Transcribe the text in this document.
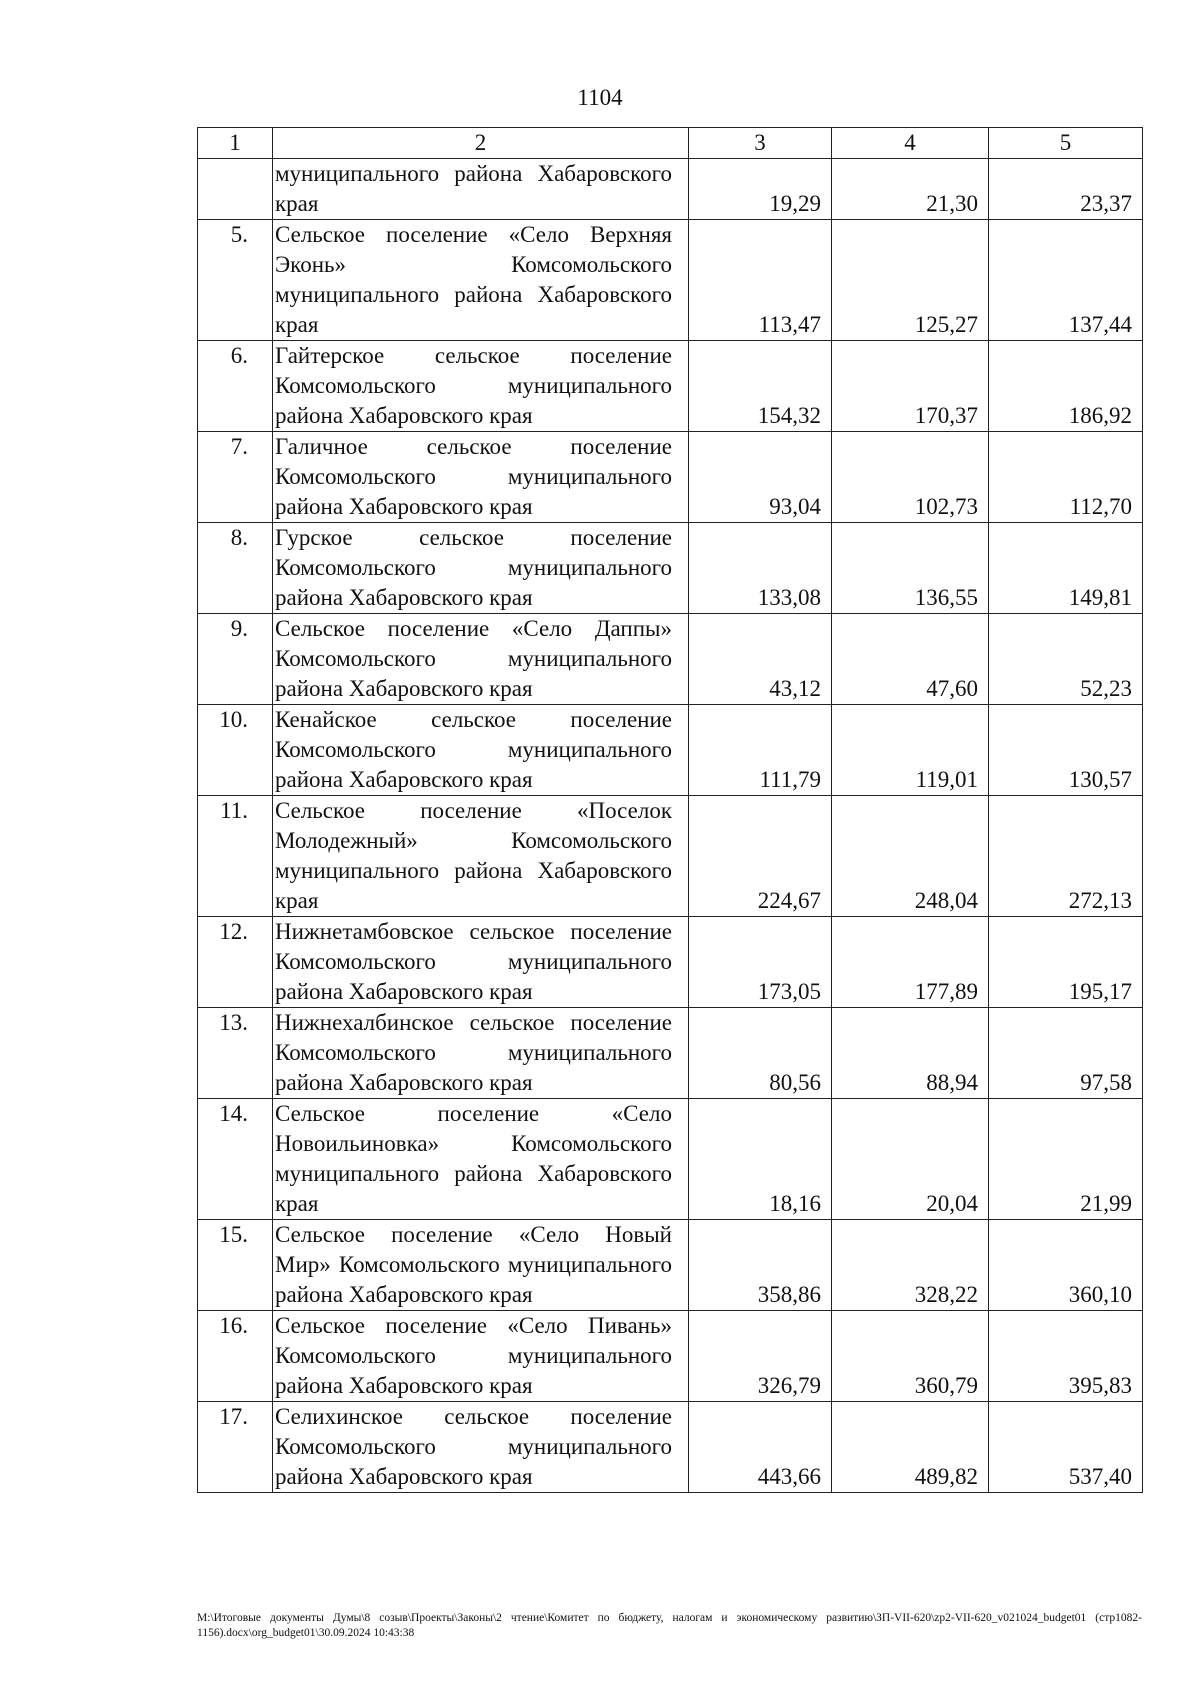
1104
1	2	3	4	5
	муниципального района Хабаровского края	19,29	21,30	23,37
5.	Сельское поселение «Село Верхняя Эконь» Комсомольского муниципального района Хабаровского края	113,47	125,27	137,44
6.	Гайтерское сельское поселение Комсомольского муниципального района Хабаровского края	154,32	170,37	186,92
7.	Галичное сельское поселение Комсомольского муниципального района Хабаровского края	93,04	102,73	112,70
8.	Гурское сельское поселение Комсомольского муниципального района Хабаровского края	133,08	136,55	149,81
9.	Сельское поселение «Село Даппы» Комсомольского муниципального района Хабаровского края	43,12	47,60	52,23
10.	Кенайское сельское поселение Комсомольского муниципального района Хабаровского края	111,79	119,01	130,57
11.	Сельское поселение «Поселок Молодежный» Комсомольского муниципального района Хабаровского края	224,67	248,04	272,13
12.	Нижнетамбовское сельское поселение Комсомольского муниципального района Хабаровского края	173,05	177,89	195,17
13.	Нижнехалбинское сельское поселение Комсомольского муниципального района Хабаровского края	80,56	88,94	97,58
14.	Сельское поселение «Село Новоильиновка» Комсомольского муниципального района Хабаровского края	18,16	20,04	21,99
15.	Сельское поселение «Село Новый Мир» Комсомольского муниципального района Хабаровского края	358,86	328,22	360,10
16.	Сельское поселение «Село Пивань» Комсомольского муниципального района Хабаровского края	326,79	360,79	395,83
17.	Селихинское сельское поселение Комсомольского муниципального района Хабаровского края	443,66	489,82	537,40
M:\Итоговые документы Думы\8 созыв\Проекты\Законы\2 чтение\Комитет по бюджету, налогам и экономическому развитию\ЗП-VII-620\zp2-VII-620_v021024_budget01 (стр1082-1156).docx\org_budget01\30.09.2024 10:43:38
